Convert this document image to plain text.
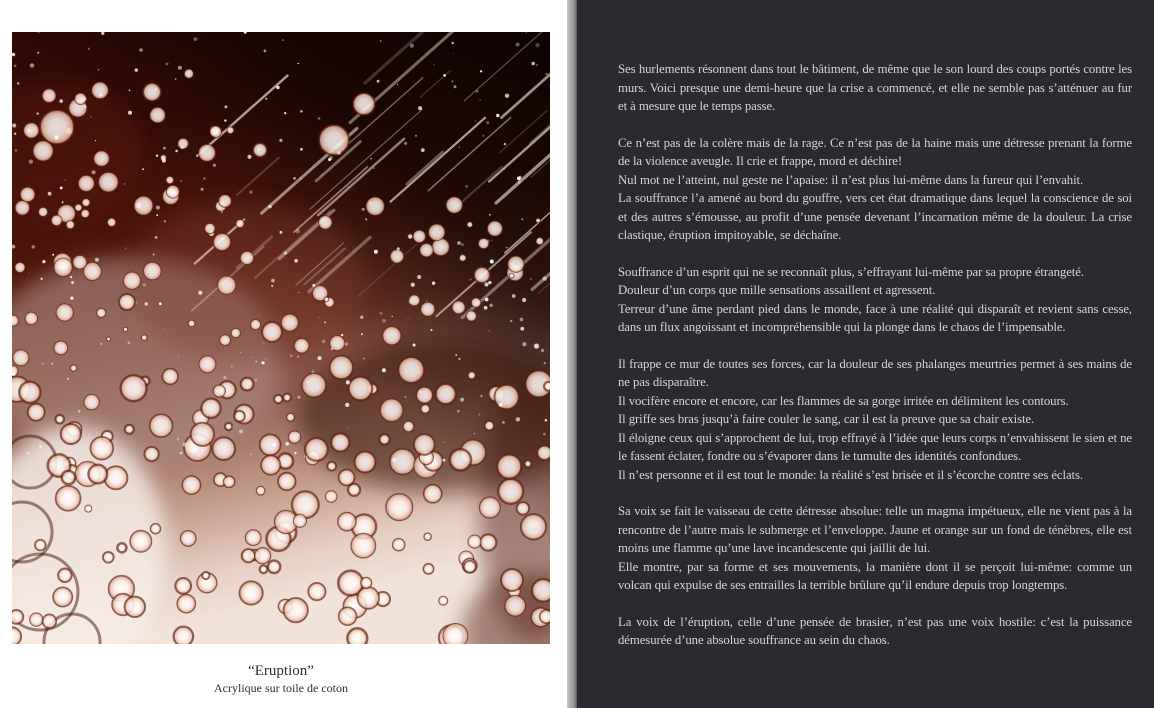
“Eruption”
Acrylique sur toile de coton
Ses hurlements résonnent dans tout le bâtiment, de même que le son lourd des coups portés contre les murs. Voici presque une demi-heure que la crise a commencé, et elle ne semble pas s’atténuer au fur et à mesure que le temps passe.
Ce n’est pas de la colère mais de la rage. Ce n’est pas de la haine mais une détresse prenant la forme de la violence aveugle. Il crie et frappe, mord et déchire!
Nul mot ne l’atteint, nul geste ne l’apaise: il n’est plus lui-même dans la fureur qui l’envahit.
La souffrance l’a amené au bord du gouffre, vers cet état dramatique dans lequel la conscience de soi et des autres s’émousse, au profit d’une pensée devenant l’incarnation même de la douleur. La crise clastique, éruption impitoyable, se déchaîne.
Souffrance d’un esprit qui ne se reconnaît plus, s’effrayant lui-même par sa propre étrangeté.
Douleur d’un corps que mille sensations assaillent et agressent.
Terreur d’une âme perdant pied dans le monde, face à une réalité qui disparaît et revient sans cesse, dans un flux angoissant et incompréhensible qui la plonge dans le chaos de l’impensable.
Il frappe ce mur de toutes ses forces, car la douleur de ses phalanges meurtries permet à ses mains de ne pas disparaître.
Il vocifère encore et encore, car les flammes de sa gorge irritée en délimitent les contours.
Il griffe ses bras jusqu’à faire couler le sang, car il est la preuve que sa chair existe.
Il éloigne ceux qui s’approchent de lui, trop effrayé à l’idée que leurs corps n’envahissent le sien et ne le fassent éclater, fondre ou s’évaporer dans le tumulte des identités confondues.
Il n’est personne et il est tout le monde: la réalité s’est brisée et il s’écorche contre ses éclats.
Sa voix se fait le vaisseau de cette détresse absolue: telle un magma impétueux, elle ne vient pas à la rencontre de l’autre mais le submerge et l’enveloppe. Jaune et orange sur un fond de ténèbres, elle est moins une flamme qu’une lave incandescente qui jaillit de lui.
Elle montre, par sa forme et ses mouvements, la manière dont il se perçoit lui-même: comme un volcan qui expulse de ses entrailles la terrible brûlure qu’il endure depuis trop longtemps.
La voix de l’éruption, celle d’une pensée de brasier, n’est pas une voix hostile: c’est la puissance démesurée d’une absolue souffrance au sein du chaos.
